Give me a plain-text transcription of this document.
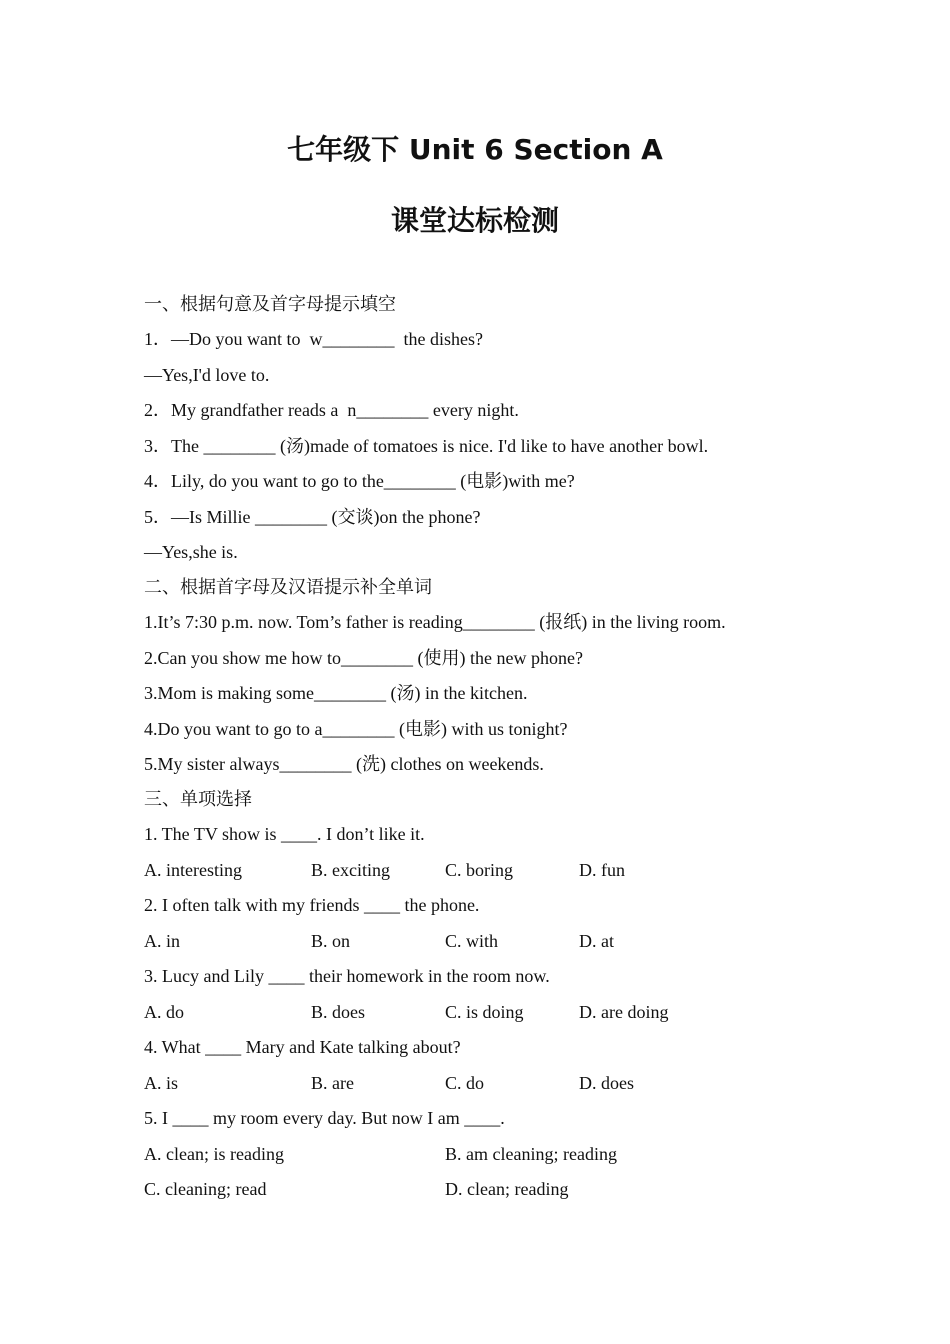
七年级下 Unit 6 Section A
课堂达标检测
一、根据句意及首字母提示填空
1．—Do you want to  w________  the dishes?
—Yes,I'd love to.
2．My grandfather reads a  n________ every night.
3．The ________ (汤)made of tomatoes is nice. I'd like to have another bowl.
4．Lily, do you want to go to the________ (电影)with me?
5．—Is Millie ________ (交谈)on the phone?
—Yes,she is.
二、根据首字母及汉语提示补全单词
1.It’s 7:30 p.m. now. Tom’s father is reading________ (报纸) in the living room.
2.Can you show me how to________ (使用) the new phone?
3.Mom is making some________ (汤) in the kitchen.
4.Do you want to go to a________ (电影) with us tonight?
5.My sister always________ (洗) clothes on weekends.
三、单项选择
1. The TV show is ____. I don’t like it.
A. interesting	B. exciting	C. boring	D. fun
2. I often talk with my friends ____ the phone.
A. in	B. on	C. with	D. at
3. Lucy and Lily ____ their homework in the room now.
A. do	B. does	C. is doing	D. are doing
4. What ____ Mary and Kate talking about?
A. is	B. are	C. do	D. does
5. I ____ my room every day. But now I am ____.
A. clean; is reading	B. am cleaning; reading
C. cleaning; read	D. clean; reading
